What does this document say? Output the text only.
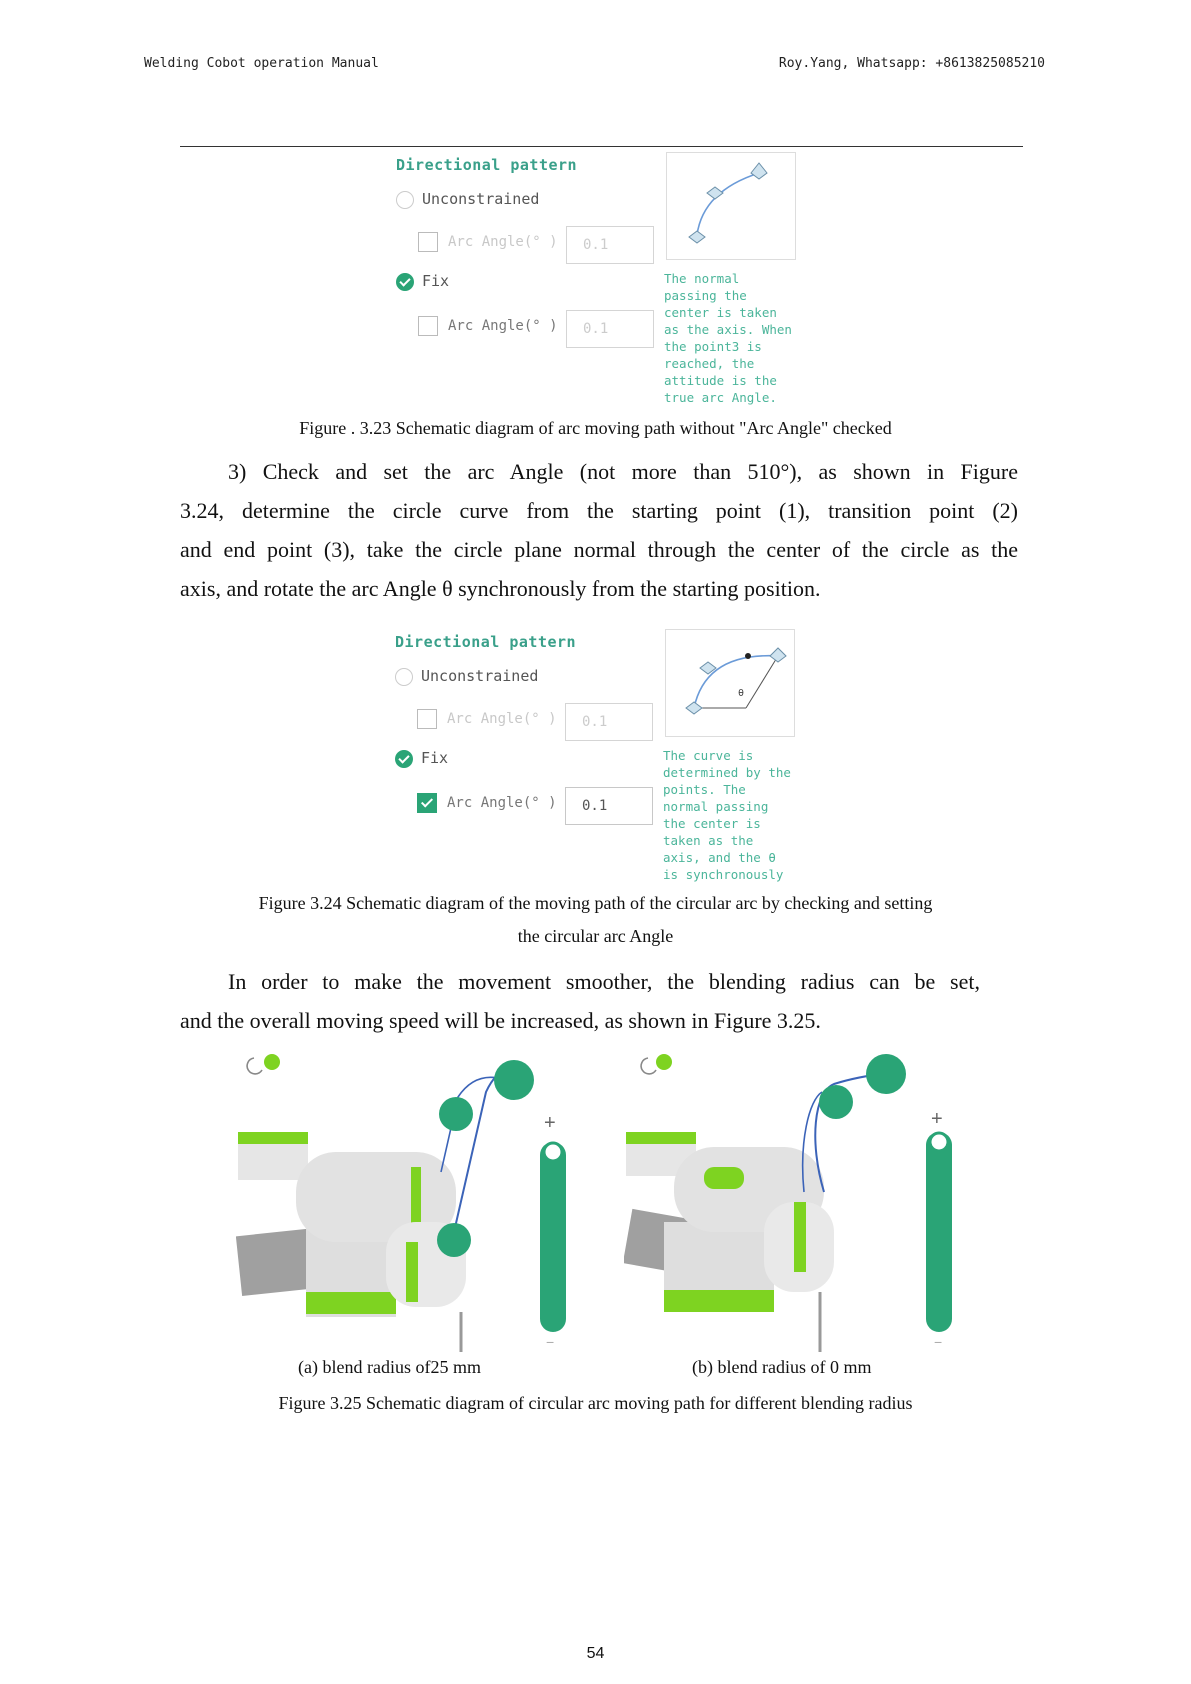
Welding Cobot operation Manual	Roy.Yang, Whatsapp: +8613825085210
Directional pattern
Unconstrained
Arc Angle(° )	0.1
Fix
Arc Angle(° )	0.1
The normal
passing the
center is taken
as the axis. When
the point3 is
reached, the
attitude is the
true arc Angle.
Figure . 3.23 Schematic diagram of arc moving path without "Arc Angle" checked
3) Check and set the arc Angle (not more than 510°), as shown in Figure
3.24, determine the circle curve from the starting point (1), transition point (2)
and end point (3), take the circle plane normal through the center of the circle as the
axis, and rotate the arc Angle θ synchronously from the starting position.
Directional pattern
Unconstrained
Arc Angle(° )	0.1
Fix
Arc Angle(° )	0.1
θ
The curve is
determined by the
points. The
normal passing
the center is
taken as the
axis, and the θ
is synchronously
Figure 3.24 Schematic diagram of the moving path of the circular arc by checking and setting
the circular arc Angle
In order to make the movement smoother, the blending radius can be set,
and the overall moving speed will be increased, as shown in Figure 3.25.
+
−
+
−
(a) blend radius of25 mm	(b) blend radius of 0 mm
Figure 3.25 Schematic diagram of circular arc moving path for different blending radius
54
